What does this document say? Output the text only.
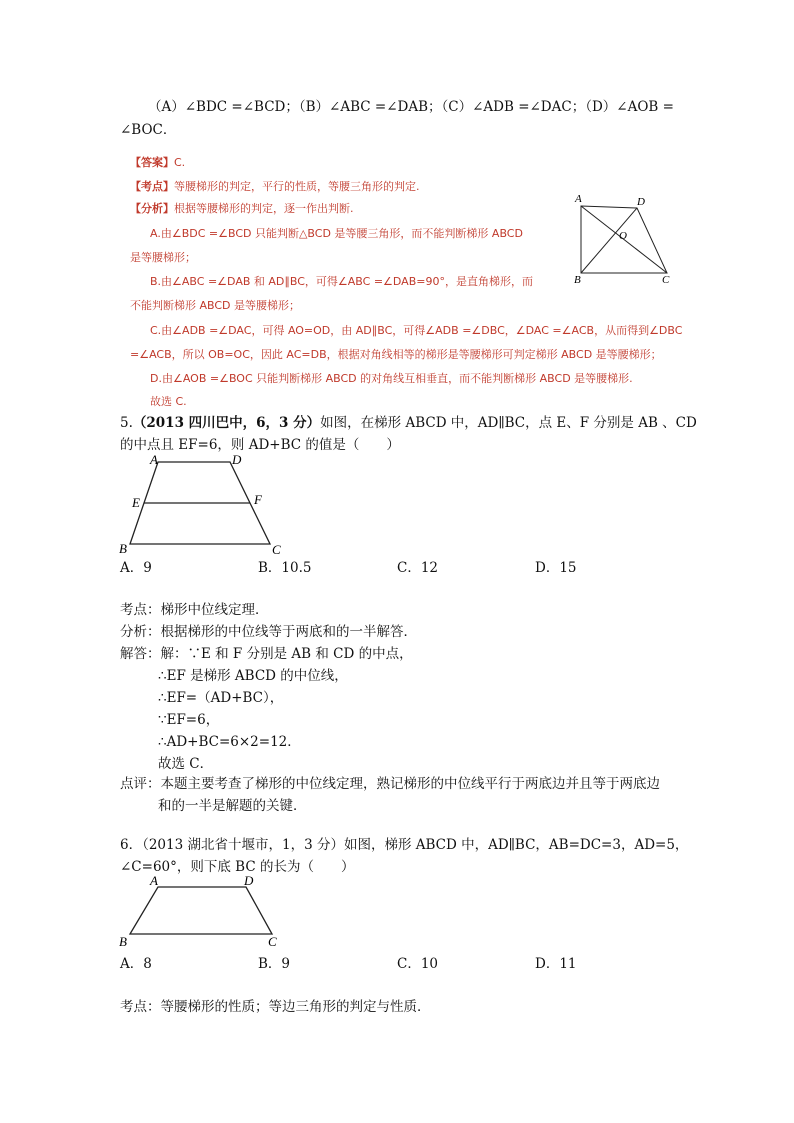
（A）∠BDC =∠BCD；（B）∠ABC =∠DAB；（C）∠ADB =∠DAC；（D）∠AOB =
∠BOC．
【答案】C.
【考点】等腰梯形的判定，平行的性质，等腰三角形的判定.
【分析】根据等腰梯形的判定，逐一作出判断.
A.由∠BDC =∠BCD 只能判断△BCD 是等腰三角形，而不能判断梯形 ABCD
是等腰梯形；
B.由∠ABC =∠DAB 和 AD∥BC，可得∠ABC =∠DAB=90°，是直角梯形，而
不能判断梯形 ABCD 是等腰梯形；
C.由∠ADB =∠DAC，可得 AO=OD，由 AD∥BC，可得∠ADB =∠DBC，∠DAC =∠ACB，从而得到∠DBC
=∠ACB，所以 OB=OC，因此 AC=DB，根据对角线相等的梯形是等腰梯形可判定梯形 ABCD 是等腰梯形；
D.由∠AOB =∠BOC 只能判断梯形 ABCD 的对角线互相垂直，而不能判断梯形 ABCD 是等腰梯形.
故选 C.
A	D
O
B	C
5.（2013 四川巴中，6，3 分）如图，在梯形 ABCD 中，AD∥BC，点 E、F 分别是 AB 、CD
的中点且 EF=6，则 AD+BC 的值是（　　）
A	D
E	F
B	C
A．9	B．10.5	C．12	D．15
考点：梯形中位线定理．
分析：根据梯形的中位线等于两底和的一半解答．
解答：解：∵E 和 F 分别是 AB 和 CD 的中点，
∴EF 是梯形 ABCD 的中位线，
∴EF=（AD+BC），
∵EF=6，
∴AD+BC=6×2=12．
故选 C．
点评：本题主要考查了梯形的中位线定理，熟记梯形的中位线平行于两底边并且等于两底边
和的一半是解题的关键．
6．（2013 湖北省十堰市，1，3 分）如图，梯形 ABCD 中，AD∥BC，AB=DC=3，AD=5，
∠C=60°，则下底 BC 的长为（　　）
A	D
B	C
A．8	B．9	C．10	D．11
考点：等腰梯形的性质；等边三角形的判定与性质．
